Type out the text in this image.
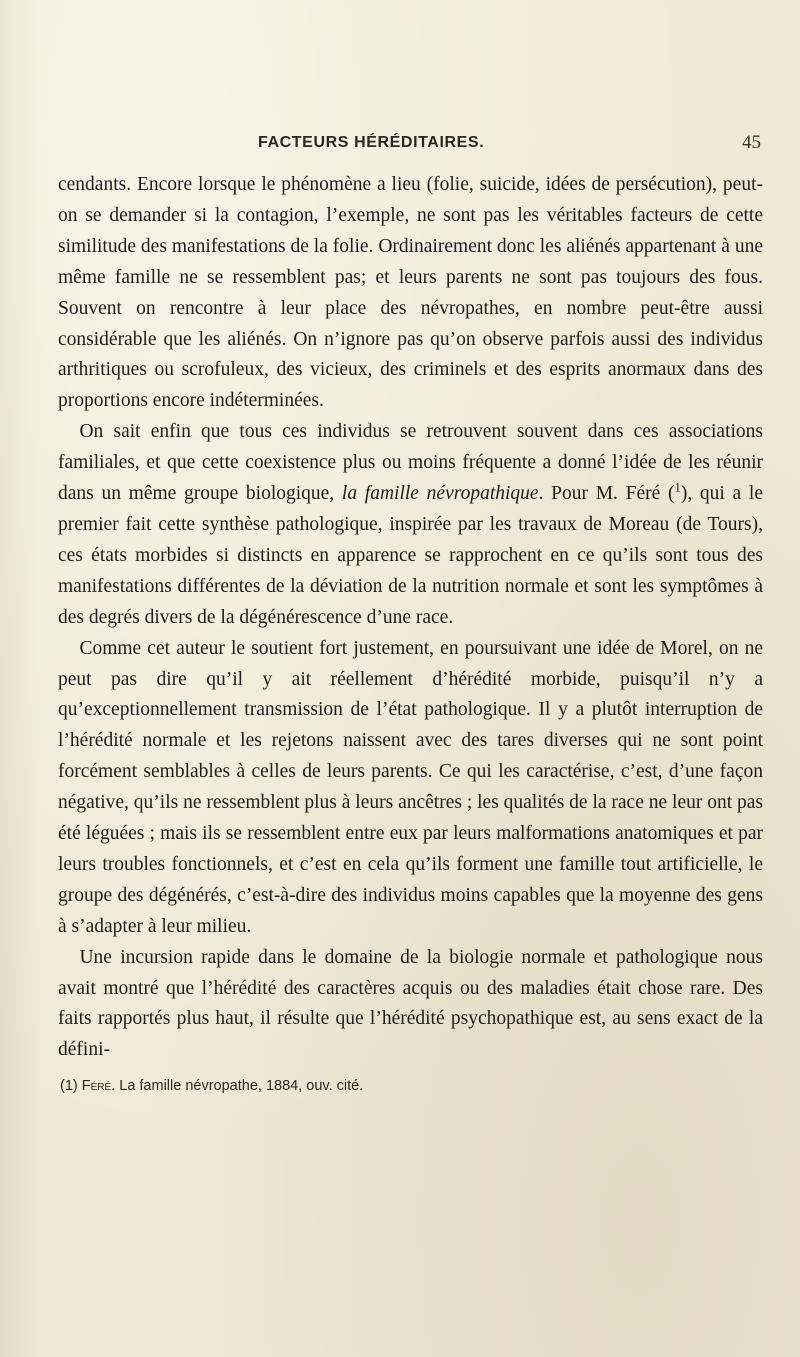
FACTEURS HÉRÉDITAIRES.	45

cendants. Encore lorsque le phénomène a lieu (folie, suicide, idées de persécution), peut-on se demander si la contagion, l’exemple, ne sont pas les véritables facteurs de cette similitude des manifestations de la folie. Ordinairement donc les aliénés appartenant à une même famille ne se ressemblent pas; et leurs parents ne sont pas toujours des fous. Souvent on rencontre à leur place des névropathes, en nombre peut-être aussi considérable que les aliénés. On n’ignore pas qu’on observe parfois aussi des individus arthritiques ou scrofuleux, des vicieux, des criminels et des esprits anormaux dans des proportions encore indéterminées.

On sait enfin que tous ces individus se retrouvent souvent dans ces associations familiales, et que cette coexistence plus ou moins fréquente a donné l’idée de les réunir dans un même groupe biologique, la famille névropathique. Pour M. Féré ($^1$), qui a le premier fait cette synthèse pathologique, inspirée par les travaux de Moreau (de Tours), ces états morbides si distincts en apparence se rapprochent en ce qu’ils sont tous des manifestations différentes de la déviation de la nutrition normale et sont les symptômes à des degrés divers de la dégénérescence d’une race.

Comme cet auteur le soutient fort justement, en poursuivant une idée de Morel, on ne peut pas dire qu’il y ait réellement d’hérédité morbide, puisqu’il n’y a qu’exceptionnellement transmission de l’état pathologique. Il y a plutôt interruption de l’hérédité normale et les rejetons naissent avec des tares diverses qui ne sont point forcément semblables à celles de leurs parents. Ce qui les caractérise, c’est, d’une façon négative, qu’ils ne ressemblent plus à leurs ancêtres ; les qualités de la race ne leur ont pas été léguées ; mais ils se ressemblent entre eux par leurs malformations anatomiques et par leurs troubles fonctionnels, et c’est en cela qu’ils forment une famille tout artificielle, le groupe des dégénérés, c’est-à-dire des individus moins capables que la moyenne des gens à s’adapter à leur milieu.

Une incursion rapide dans le domaine de la biologie normale et pathologique nous avait montré que l’hérédité des caractères acquis ou des maladies était chose rare. Des faits rapportés plus haut, il résulte que l’hérédité psychopathique est, au sens exact de la défini-

(1) Féré. La famille névropathe, 1884, ouv. cité.
